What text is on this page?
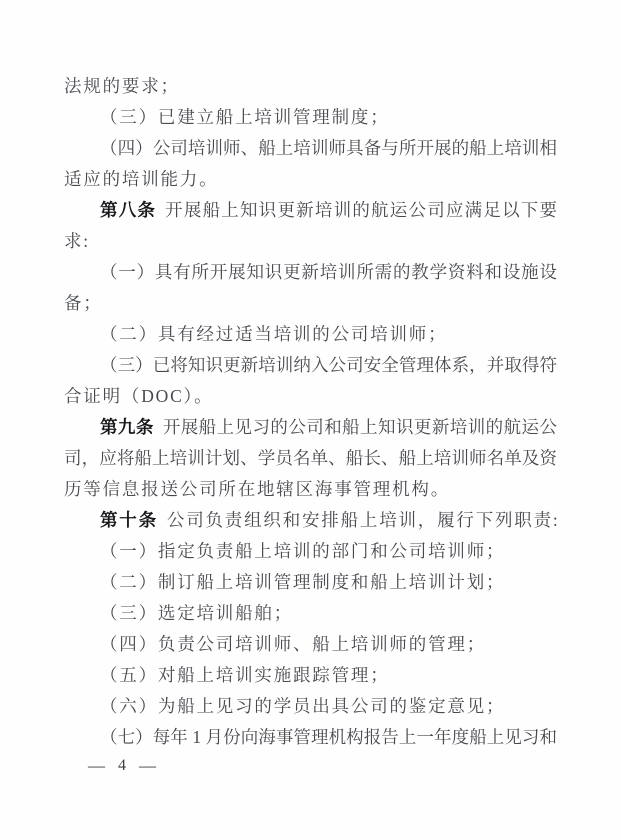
法规的要求；
（三）已建立船上培训管理制度；
（四）公司培训师、船上培训师具备与所开展的船上培训相
适应的培训能力。
第八条 开展船上知识更新培训的航运公司应满足以下要
求:
（一）具有所开展知识更新培训所需的教学资料和设施设
备；
（二）具有经过适当培训的公司培训师；
（三）已将知识更新培训纳入公司安全管理体系，并取得符
合证明（DOC）。
第九条 开展船上见习的公司和船上知识更新培训的航运公
司，应将船上培训计划、学员名单、船长、船上培训师名单及资
历等信息报送公司所在地辖区海事管理机构。
第十条 公司负责组织和安排船上培训，履行下列职责:
（一）指定负责船上培训的部门和公司培训师；
（二）制订船上培训管理制度和船上培训计划；
（三）选定培训船舶；
（四）负责公司培训师、船上培训师的管理；
（五）对船上培训实施跟踪管理；
（六）为船上见习的学员出具公司的鉴定意见；
（七）每年 1 月份向海事管理机构报告上一年度船上见习和
— 4 —
